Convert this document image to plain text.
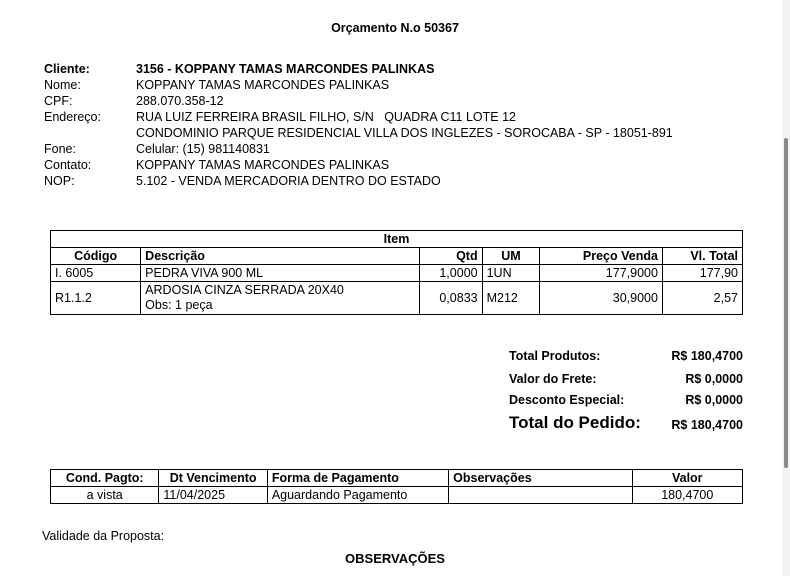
Orçamento N.o 50367
Cliente:	3156 - KOPPANY TAMAS MARCONDES PALINKAS
Nome:	KOPPANY TAMAS MARCONDES PALINKAS
CPF:	288.070.358-12
Endereço:	RUA LUIZ FERREIRA BRASIL FILHO, S/N   QUADRA C11 LOTE 12
CONDOMINIO PARQUE RESIDENCIAL VILLA DOS INGLEZES - SOROCABA - SP - 18051-891
Fone:	Celular: (15) 981140831
Contato:	KOPPANY TAMAS MARCONDES PALINKAS
NOP:	5.102 - VENDA MERCADORIA DENTRO DO ESTADO
Item					
Código	Descrição	Qtd	UM	Preço Venda	Vl. Total
I. 6005	PEDRA VIVA 900 ML	1,0000	1UN	177,9000	177,90
R1.1.2	ARDOSIA CINZA SERRADA 20X40
Obs: 1 peça	0,0833	M212	30,9000	2,57
Total Produtos:	R$ 180,4700
Valor do Frete:	R$ 0,0000
Desconto Especial:	R$ 0,0000
Total do Pedido: R$ 180,4700
Cond. Pagto:	Dt Vencimento	Forma de Pagamento	Observações	Valor
a vista	11/04/2025	Aguardando Pagamento		180,4700
Validade da Proposta:
OBSERVAÇÕES
